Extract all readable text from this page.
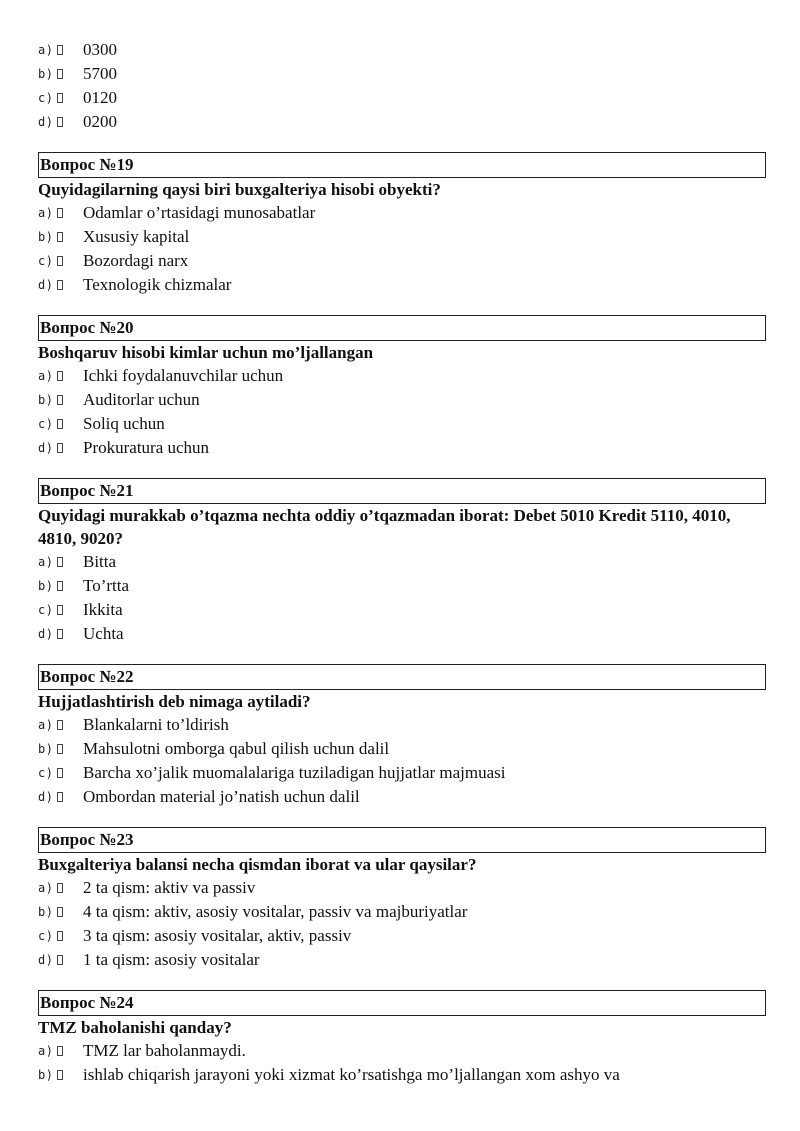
a) 0300
b) 5700
c) 0120
d) 0200
Вопрос №19

Quyidagilarning qaysi biri buxgalteriya hisobi obyekti?

a) Odamlar o’rtasidagi munosabatlar
b) Xususiy kapital
c) Bozordagi narx
d) Texnologik chizmalar
Вопрос №20

Boshqaruv hisobi kimlar uchun mo’ljallangan

a) Ichki foydalanuvchilar uchun
b) Auditorlar uchun
c) Soliq uchun
d) Prokuratura uchun
Вопрос №21

Quyidagi murakkab o’tqazma nechta oddiy o’tqazmadan iborat: Debet 5010 Kredit 5110, 4010, 4810, 9020?

a) Bitta
b) To’rtta
c) Ikkita
d) Uchta
Вопрос №22

Hujjatlashtirish deb nimaga aytiladi?

a) Blankalarni to’ldirish
b) Mahsulotni omborga qabul qilish uchun dalil
c) Barcha xo’jalik muomalalariga tuziladigan hujjatlar majmuasi
d) Ombordan material jo’natish uchun dalil
Вопрос №23

Buxgalteriya balansi necha qismdan iborat va ular qaysilar?

a) 2 ta qism: aktiv va passiv
b) 4 ta qism: aktiv, asosiy vositalar, passiv va majburiyatlar
c) 3 ta qism: asosiy vositalar, aktiv, passiv
d) 1 ta qism: asosiy vositalar
Вопрос №24

TMZ baholanishi qanday?

a) TMZ lar baholanmaydi.
b) ishlab chiqarish jarayoni yoki xizmat ko’rsatishga mo’ljallangan xom ashyo va
